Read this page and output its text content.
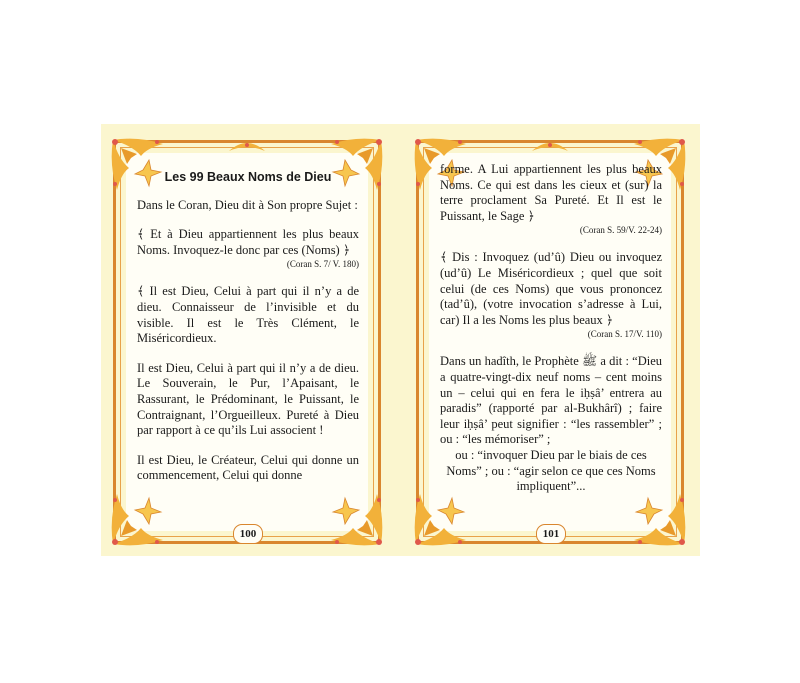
Les 99 Beaux Noms de Dieu

Dans le Coran, Dieu dit à Son propre Sujet :

﴾ Et à Dieu appartiennent les plus beaux Noms. Invoquez-le donc par ces (Noms) ﴿

(Coran S. 7/ V. 180)

﴾ Il est Dieu, Celui à part qui il n’y a de dieu. Connaisseur de l’invisible et du visible. Il est le Très Clément, le Miséricordieux.

Il est Dieu, Celui à part qui il n’y a de dieu. Le Souverain, le Pur, l’Apaisant, le Rassurant, le Prédominant, le Puissant, le Contraignant, l’Orgueilleux. Pureté à Dieu par rapport à ce qu’ils Lui associent !

Il est Dieu, le Créateur, Celui qui donne un commencement, Celui qui donne

100

forme. A Lui appartiennent les plus beaux Noms. Ce qui est dans les cieux et (sur) la terre proclament Sa Pureté. Et Il est le Puissant, le Sage ﴿

(Coran S. 59/V. 22-24)

﴾ Dis : Invoquez (ud’û) Dieu ou invoquez (ud’û) Le Miséricordieux ; quel que soit celui (de ces Noms) que vous prononcez (tad’û), (votre invocation s’adresse à Lui, car) Il a les Noms les plus beaux ﴿

(Coran S. 17/V. 110)

Dans un hadîth, le Prophète ﷺ a dit : “Dieu a quatre-vingt-dix neuf noms – cent moins un – celui qui en fera le iḥṣâ’ entrera au paradis” (rapporté par al-Bukhârî) ; faire leur iḥṣâ’ peut signifier : “les rassembler” ; ou : “les mémoriser” ;

ou : “invoquer Dieu par le biais de ces Noms” ; ou : “agir selon ce que ces Noms impliquent”...

101
